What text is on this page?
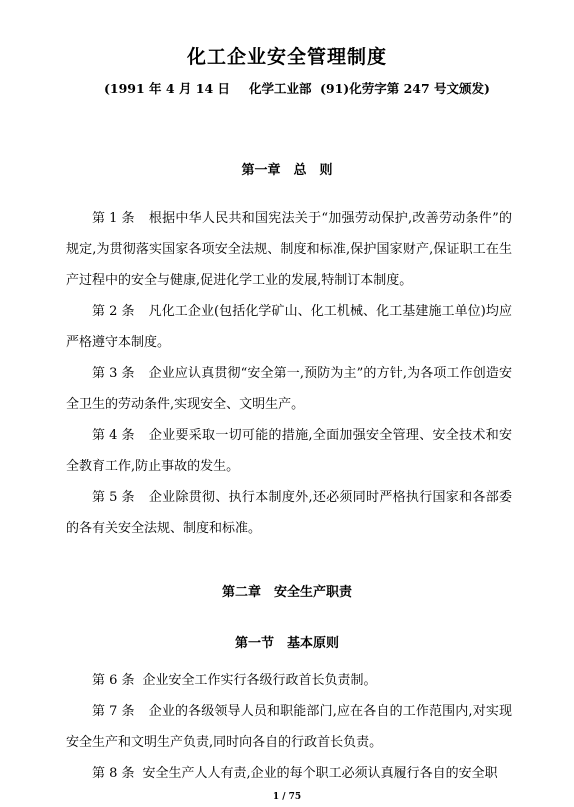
化工企业安全管理制度
(1991 年 4 月 14 日 化学工业部 (91)化劳字第 247 号文颁发)
第一章　总　则

第 1 条 根据中华人民共和国宪法关于“加强劳动保护,改善劳动条件”的规定,为贯彻落实国家各项安全法规、制度和标准,保护国家财产,保证职工在生产过程中的安全与健康,促进化学工业的发展,特制订本制度。

第 2 条 凡化工企业(包括化学矿山、化工机械、化工基建施工单位)均应严格遵守本制度。

第 3 条 企业应认真贯彻“安全第一,预防为主”的方针,为各项工作创造安全卫生的劳动条件,实现安全、文明生产。

第 4 条 企业要采取一切可能的措施,全面加强安全管理、安全技术和安全教育工作,防止事故的发生。

第 5 条 企业除贯彻、执行本制度外,还必须同时严格执行国家和各部委的各有关安全法规、制度和标准。

第二章　安全生产职责
第一节　基本原则

第 6 条 企业安全工作实行各级行政首长负责制。

第 7 条 企业的各级领导人员和职能部门,应在各自的工作范围内,对实现安全生产和文明生产负责,同时向各自的行政首长负责。

第 8 条 安全生产人人有责,企业的每个职工必须认真履行各自的安全职

1 / 75
